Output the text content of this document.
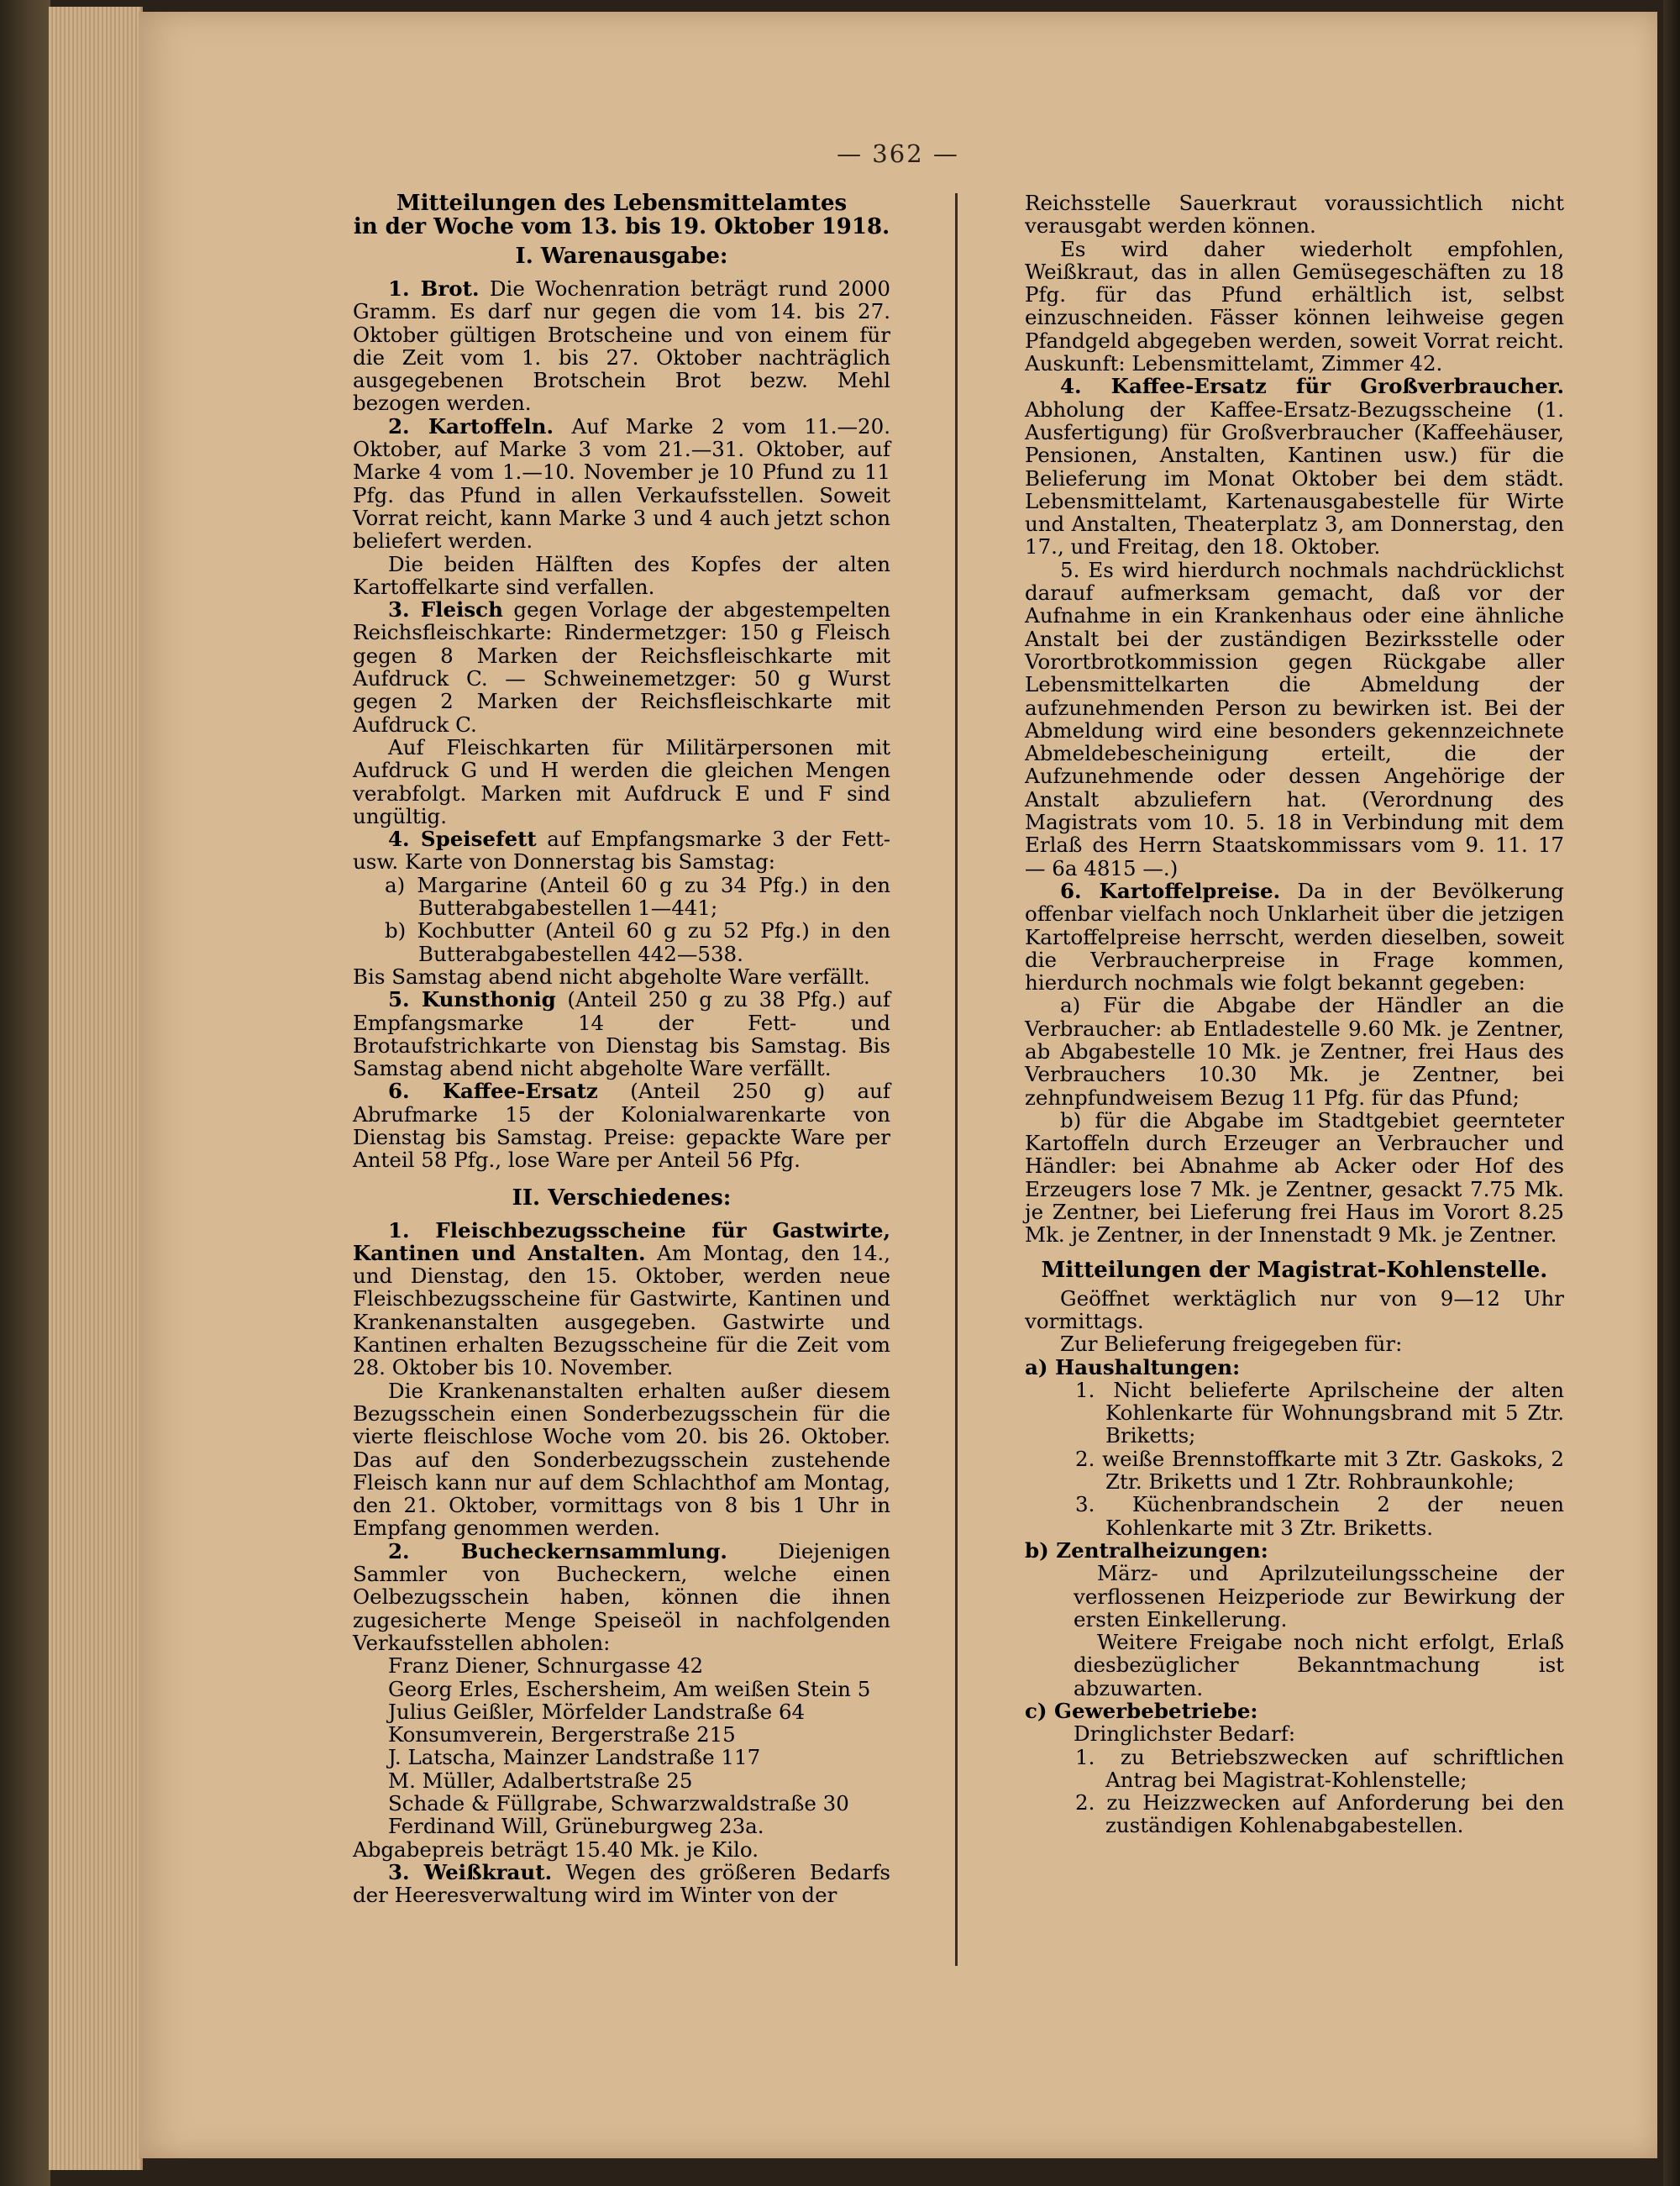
— 362 —
Mitteilungen des Lebensmittelamtes
in der Woche vom 13. bis 19. Oktober 1918.
I. Warenausgabe:

1. Brot. Die Wochenration beträgt rund 2000 Gramm. Es darf nur gegen die vom 14. bis 27. Oktober gültigen Brotscheine und von einem für die Zeit vom 1. bis 27. Oktober nachträglich ausgegebenen Brotschein Brot bezw. Mehl bezogen werden.

2. Kartoffeln. Auf Marke 2 vom 11.—20. Oktober, auf Marke 3 vom 21.—31. Oktober, auf Marke 4 vom 1.—10. November je 10 Pfund zu 11 Pfg. das Pfund in allen Verkaufsstellen. Soweit Vorrat reicht, kann Marke 3 und 4 auch jetzt schon beliefert werden.

Die beiden Hälften des Kopfes der alten Kartoffelkarte sind verfallen.

3. Fleisch gegen Vorlage der abgestempelten Reichsfleischkarte: Rindermetzger: 150 g Fleisch gegen 8 Marken der Reichsfleischkarte mit Aufdruck C. — Schweinemetzger: 50 g Wurst gegen 2 Marken der Reichsfleischkarte mit Aufdruck C.

Auf Fleischkarten für Militärpersonen mit Aufdruck G und H werden die gleichen Mengen verabfolgt. Marken mit Aufdruck E und F sind ungültig.

4. Speisefett auf Empfangsmarke 3 der Fett- usw. Karte von Donnerstag bis Samstag:

a) Margarine (Anteil 60 g zu 34 Pfg.) in den Butterabgabestellen 1—441;

b) Kochbutter (Anteil 60 g zu 52 Pfg.) in den Butterabgabestellen 442—538.

Bis Samstag abend nicht abgeholte Ware verfällt.

5. Kunsthonig (Anteil 250 g zu 38 Pfg.) auf Empfangsmarke 14 der Fett- und Brotaufstrichkarte von Dienstag bis Samstag. Bis Samstag abend nicht abgeholte Ware verfällt.

6. Kaffee-Ersatz (Anteil 250 g) auf Abrufmarke 15 der Kolonialwarenkarte von Dienstag bis Samstag. Preise: gepackte Ware per Anteil 58 Pfg., lose Ware per Anteil 56 Pfg.

II. Verschiedenes:

1. Fleischbezugsscheine für Gastwirte, Kantinen und Anstalten. Am Montag, den 14., und Dienstag, den 15. Oktober, werden neue Fleischbezugsscheine für Gastwirte, Kantinen und Krankenanstalten ausgegeben. Gastwirte und Kantinen erhalten Bezugsscheine für die Zeit vom 28. Oktober bis 10. November.

Die Krankenanstalten erhalten außer diesem Bezugsschein einen Sonderbezugsschein für die vierte fleischlose Woche vom 20. bis 26. Oktober. Das auf den Sonderbezugsschein zustehende Fleisch kann nur auf dem Schlachthof am Montag, den 21. Oktober, vormittags von 8 bis 1 Uhr in Empfang genommen werden.

2. Bucheckernsammlung. Diejenigen Sammler von Bucheckern, welche einen Oelbezugsschein haben, können die ihnen zugesicherte Menge Speiseöl in nachfolgenden Verkaufsstellen abholen:

Franz Diener, Schnurgasse 42
Georg Erles, Eschersheim, Am weißen Stein 5
Julius Geißler, Mörfelder Landstraße 64
Konsumverein, Bergerstraße 215
J. Latscha, Mainzer Landstraße 117
M. Müller, Adalbertstraße 25
Schade & Füllgrabe, Schwarzwaldstraße 30
Ferdinand Will, Grüneburgweg 23a.

Abgabepreis beträgt 15.40 Mk. je Kilo.

3. Weißkraut. Wegen des größeren Bedarfs der Heeresverwaltung wird im Winter von der

Reichsstelle Sauerkraut voraussichtlich nicht verausgabt werden können.

Es wird daher wiederholt empfohlen, Weißkraut, das in allen Gemüsegeschäften zu 18 Pfg. für das Pfund erhältlich ist, selbst einzuschneiden. Fässer können leihweise gegen Pfandgeld abgegeben werden, soweit Vorrat reicht. Auskunft: Lebensmittelamt, Zimmer 42.

4. Kaffee-Ersatz für Großverbraucher. Abholung der Kaffee-Ersatz-Bezugsscheine (1. Ausfertigung) für Großverbraucher (Kaffeehäuser, Pensionen, Anstalten, Kantinen usw.) für die Belieferung im Monat Oktober bei dem städt. Lebensmittelamt, Kartenausgabestelle für Wirte und Anstalten, Theaterplatz 3, am Donnerstag, den 17., und Freitag, den 18. Oktober.

5. Es wird hierdurch nochmals nachdrücklichst darauf aufmerksam gemacht, daß vor der Aufnahme in ein Krankenhaus oder eine ähnliche Anstalt bei der zuständigen Bezirksstelle oder Vorortbrotkommission gegen Rückgabe aller Lebensmittelkarten die Abmeldung der aufzunehmenden Person zu bewirken ist. Bei der Abmeldung wird eine besonders gekennzeichnete Abmeldebescheinigung erteilt, die der Aufzunehmende oder dessen Angehörige der Anstalt abzuliefern hat. (Verordnung des Magistrats vom 10. 5. 18 in Verbindung mit dem Erlaß des Herrn Staatskommissars vom 9. 11. 17 — 6a 4815 —.)

6. Kartoffelpreise. Da in der Bevölkerung offenbar vielfach noch Unklarheit über die jetzigen Kartoffelpreise herrscht, werden dieselben, soweit die Verbraucherpreise in Frage kommen, hierdurch nochmals wie folgt bekannt gegeben:

a) Für die Abgabe der Händler an die Verbraucher: ab Entladestelle 9.60 Mk. je Zentner, ab Abgabestelle 10 Mk. je Zentner, frei Haus des Verbrauchers 10.30 Mk. je Zentner, bei zehnpfundweisem Bezug 11 Pfg. für das Pfund;

b) für die Abgabe im Stadtgebiet geernteter Kartoffeln durch Erzeuger an Verbraucher und Händler: bei Abnahme ab Acker oder Hof des Erzeugers lose 7 Mk. je Zentner, gesackt 7.75 Mk. je Zentner, bei Lieferung frei Haus im Vorort 8.25 Mk. je Zentner, in der Innenstadt 9 Mk. je Zentner.

Mitteilungen der Magistrat-Kohlenstelle.

Geöffnet werktäglich nur von 9—12 Uhr vormittags.

Zur Belieferung freigegeben für:

a) Haushaltungen:

1. Nicht belieferte Aprilscheine der alten Kohlenkarte für Wohnungsbrand mit 5 Ztr. Briketts;

2. weiße Brennstoffkarte mit 3 Ztr. Gaskoks, 2 Ztr. Briketts und 1 Ztr. Rohbraunkohle;

3. Küchenbrandschein 2 der neuen Kohlenkarte mit 3 Ztr. Briketts.

b) Zentralheizungen:

März- und Aprilzuteilungsscheine der verflossenen Heizperiode zur Bewirkung der ersten Einkellerung.

Weitere Freigabe noch nicht erfolgt, Erlaß diesbezüglicher Bekanntmachung ist abzuwarten.

c) Gewerbebetriebe:

Dringlichster Bedarf:

1. zu Betriebszwecken auf schriftlichen Antrag bei Magistrat-Kohlenstelle;

2. zu Heizzwecken auf Anforderung bei den zuständigen Kohlenabgabestellen.
